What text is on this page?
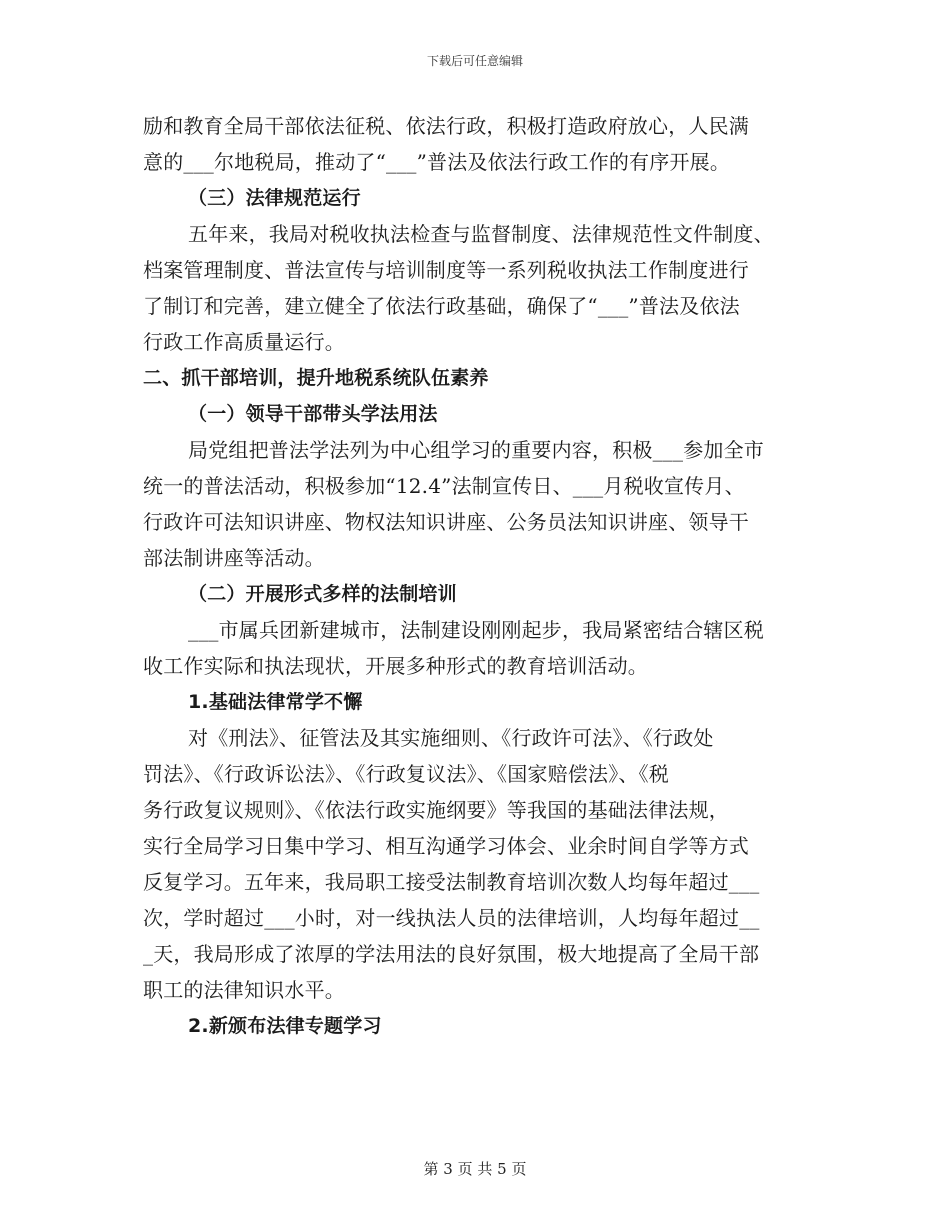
下载后可任意编辑
励和教育全局干部依法征税、依法行政，积极打造政府放心，人民满
意的___尔地税局，推动了“___”普法及依法行政工作的有序开展。
（三）法律规范运行
五年来，我局对税收执法检查与监督制度、法律规范性文件制度、
档案管理制度、普法宣传与培训制度等一系列税收执法工作制度进行
了制订和完善，建立健全了依法行政基础，确保了“___”普法及依法
行政工作高质量运行。
二、抓干部培训，提升地税系统队伍素养
（一）领导干部带头学法用法
局党组把普法学法列为中心组学习的重要内容，积极___参加全市
统一的普法活动，积极参加“12.4”法制宣传日、___月税收宣传月、
行政许可法知识讲座、物权法知识讲座、公务员法知识讲座、领导干
部法制讲座等活动。
（二）开展形式多样的法制培训
___市属兵团新建城市，法制建设刚刚起步，我局紧密结合辖区税
收工作实际和执法现状，开展多种形式的教育培训活动。
1.基础法律常学不懈
对《刑法》、征管法及其实施细则、《行政许可法》、《行政处
罚法》、《行政诉讼法》、《行政复议法》、《国家赔偿法》、《税
务行政复议规则》、《依法行政实施纲要》等我国的基础法律法规，
实行全局学习日集中学习、相互沟通学习体会、业余时间自学等方式
反复学习。五年来，我局职工接受法制教育培训次数人均每年超过___
次，学时超过___小时，对一线执法人员的法律培训，人均每年超过__
_天，我局形成了浓厚的学法用法的良好氛围，极大地提高了全局干部
职工的法律知识水平。
2.新颁布法律专题学习
第 3 页 共 5 页
